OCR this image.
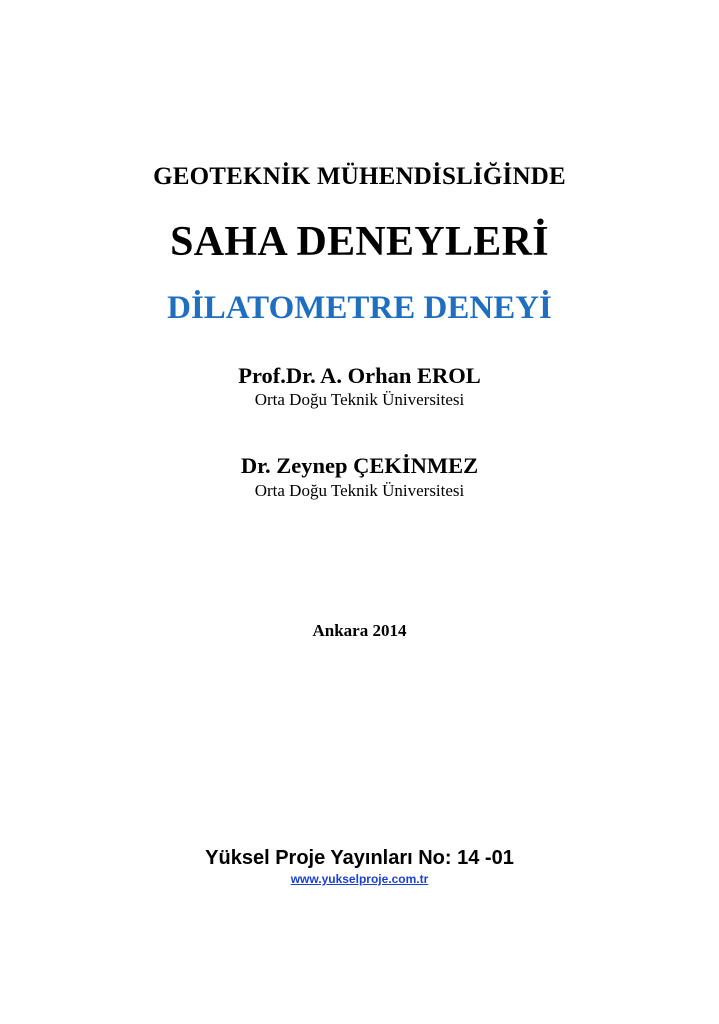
GEOTEKNİK MÜHENDİSLİĞİNDE
SAHA DENEYLERİ
DİLATOMETRE DENEYİ
Prof.Dr. A. Orhan EROL
Orta Doğu Teknik Üniversitesi
Dr. Zeynep ÇEKİNMEZ
Orta Doğu Teknik Üniversitesi
Ankara 2014
Yüksel Proje Yayınları No: 14 -01
www.yukselproje.com.tr
